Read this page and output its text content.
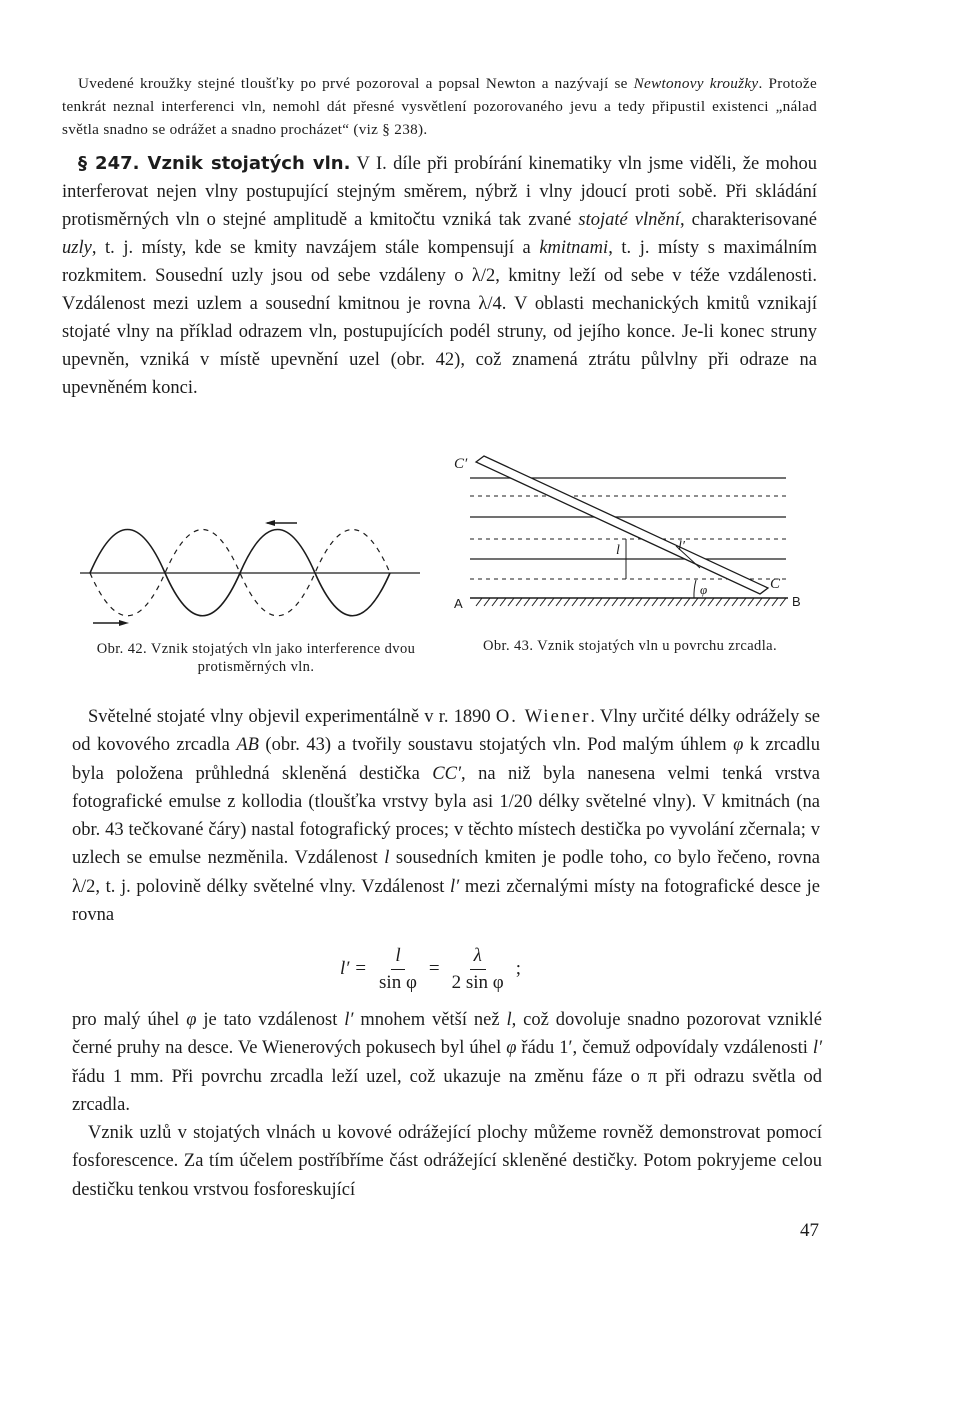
Uvedené kroužky stejné tloušťky po prvé pozoroval a popsal Newton a nazývají se Newtonovy kroužky. Protože tenkrát neznal interferenci vln, nemohl dát přesné vysvětlení pozorovaného jevu a tedy připustil existenci „nálad světla snadno se odrážet a snadno procházet“ (viz § 238).

§ 247. Vznik stojatých vln. V I. díle při probírání kinematiky vln jsme viděli, že mohou interferovat nejen vlny postupující stejným směrem, nýbrž i vlny jdoucí proti sobě. Při skládání protisměrných vln o stejné amplitudě a kmitočtu vzniká tak zvané stojaté vlnění, charakterisované uzly, t. j. místy, kde se kmity navzájem stále kompensují a kmitnami, t. j. místy s maximálním rozkmitem. Sousední uzly jsou od sebe vzdáleny o λ/2, kmitny leží od sebe v téže vzdálenosti. Vzdálenost mezi uzlem a sousední kmitnou je rovna λ/4. V oblasti mechanických kmitů vznikají stojaté vlny na příklad odrazem vln, postupujících podél struny, od jejího konce. Je-li konec struny upevněn, vzniká v místě upevnění uzel (obr. 42), což znamená ztrátu půlvlny při odraze na upevněném konci.

C′
C
A	B
l	l′
φ
Obr. 42. Vznik stojatých vln jako interference dvou protisměrných vln.
Obr. 43. Vznik stojatých vln u povrchu zrcadla.

Světelné stojaté vlny objevil experimentálně v r. 1890 O. Wiener. Vlny určité délky odrážely se od kovového zrcadla AB (obr. 43) a tvořily soustavu stojatých vln. Pod malým úhlem φ k zrcadlu byla položena průhledná skleněná destička CC′, na niž byla nanesena velmi tenká vrstva fotografické emulse z kollodia (tloušťka vrstvy byla asi 1/20 délky světelné vlny). V kmitnách (na obr. 43 tečkované čáry) nastal fotografický proces; v těchto místech destička po vyvolání zčernala; v uzlech se emulse nezměnila. Vzdálenost l sousedních kmiten je podle toho, co bylo řečeno, rovna λ/2, t. j. polovině délky světelné vlny. Vzdálenost l′ mezi zčernalými místy na fotografické desce je rovna

$l' = \frac{l}{\text{sin φ}} = \frac{\lambda}{\text{2 sin φ}}$ ;

pro malý úhel φ je tato vzdálenost l′ mnohem větší než l, což dovoluje snadno pozorovat vzniklé černé pruhy na desce. Ve Wienerových pokusech byl úhel φ řádu 1′, čemuž odpovídaly vzdálenosti l′ řádu 1 mm. Při povrchu zrcadla leží uzel, což ukazuje na změnu fáze o π při odrazu světla od zrcadla.

Vznik uzlů v stojatých vlnách u kovové odrážející plochy můžeme rovněž demonstrovat pomocí fosforescence. Za tím účelem postříbříme část odrážející skleněné destičky. Potom pokryjeme celou destičku tenkou vrstvou fosforeskující

47
